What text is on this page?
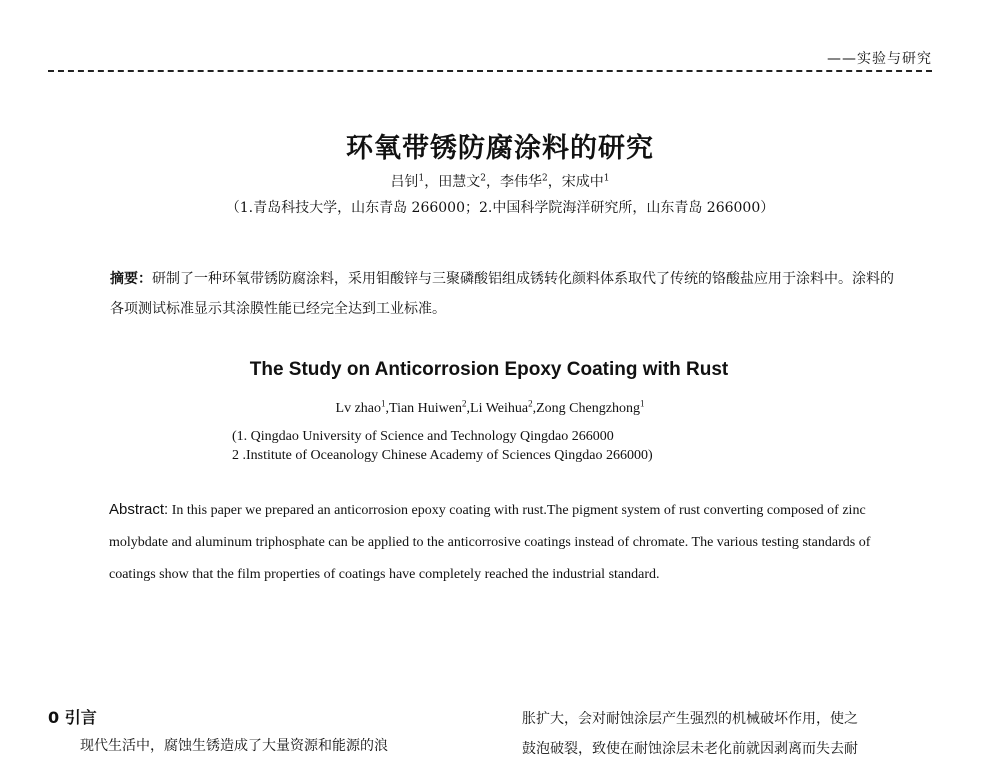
——实验与研究
环氧带锈防腐涂料的研究
吕钊$^1$，田慧文$^2$，李伟华$^2$，宋成中$^1$
（1.青岛科技大学，山东青岛 266000；2.中国科学院海洋研究所，山东青岛 266000）
摘要：研制了一种环氧带锈防腐涂料，采用钼酸锌与三聚磷酸铝组成锈转化颜料体系取代了传统的铬酸盐应用于涂料中。涂料的各项测试标准显示其涂膜性能已经完全达到工业标准。
The Study on Anticorrosion Epoxy Coating with Rust
Lv zhao$^1$,Tian Huiwen$^2$,Li Weihua$^2$,Zong Chengzhong$^1$
(1. Qingdao University of Science and Technology Qingdao 266000
2 .Institute of Oceanology Chinese Academy of Sciences Qingdao 266000)
Abstract: In this paper we prepared an anticorrosion epoxy coating with rust.The pigment system of rust converting composed of zinc molybdate and aluminum triphosphate can be applied to the anticorrosive coatings instead of chromate. The various testing standards of coatings show that the film properties of coatings have completely reached the industrial standard.
0 引言
现代生活中，腐蚀生锈造成了大量资源和能源的浪
胀扩大，会对耐蚀涂层产生强烈的机械破坏作用，使之
鼓泡破裂，致使在耐蚀涂层未老化前就因剥离而失去耐
